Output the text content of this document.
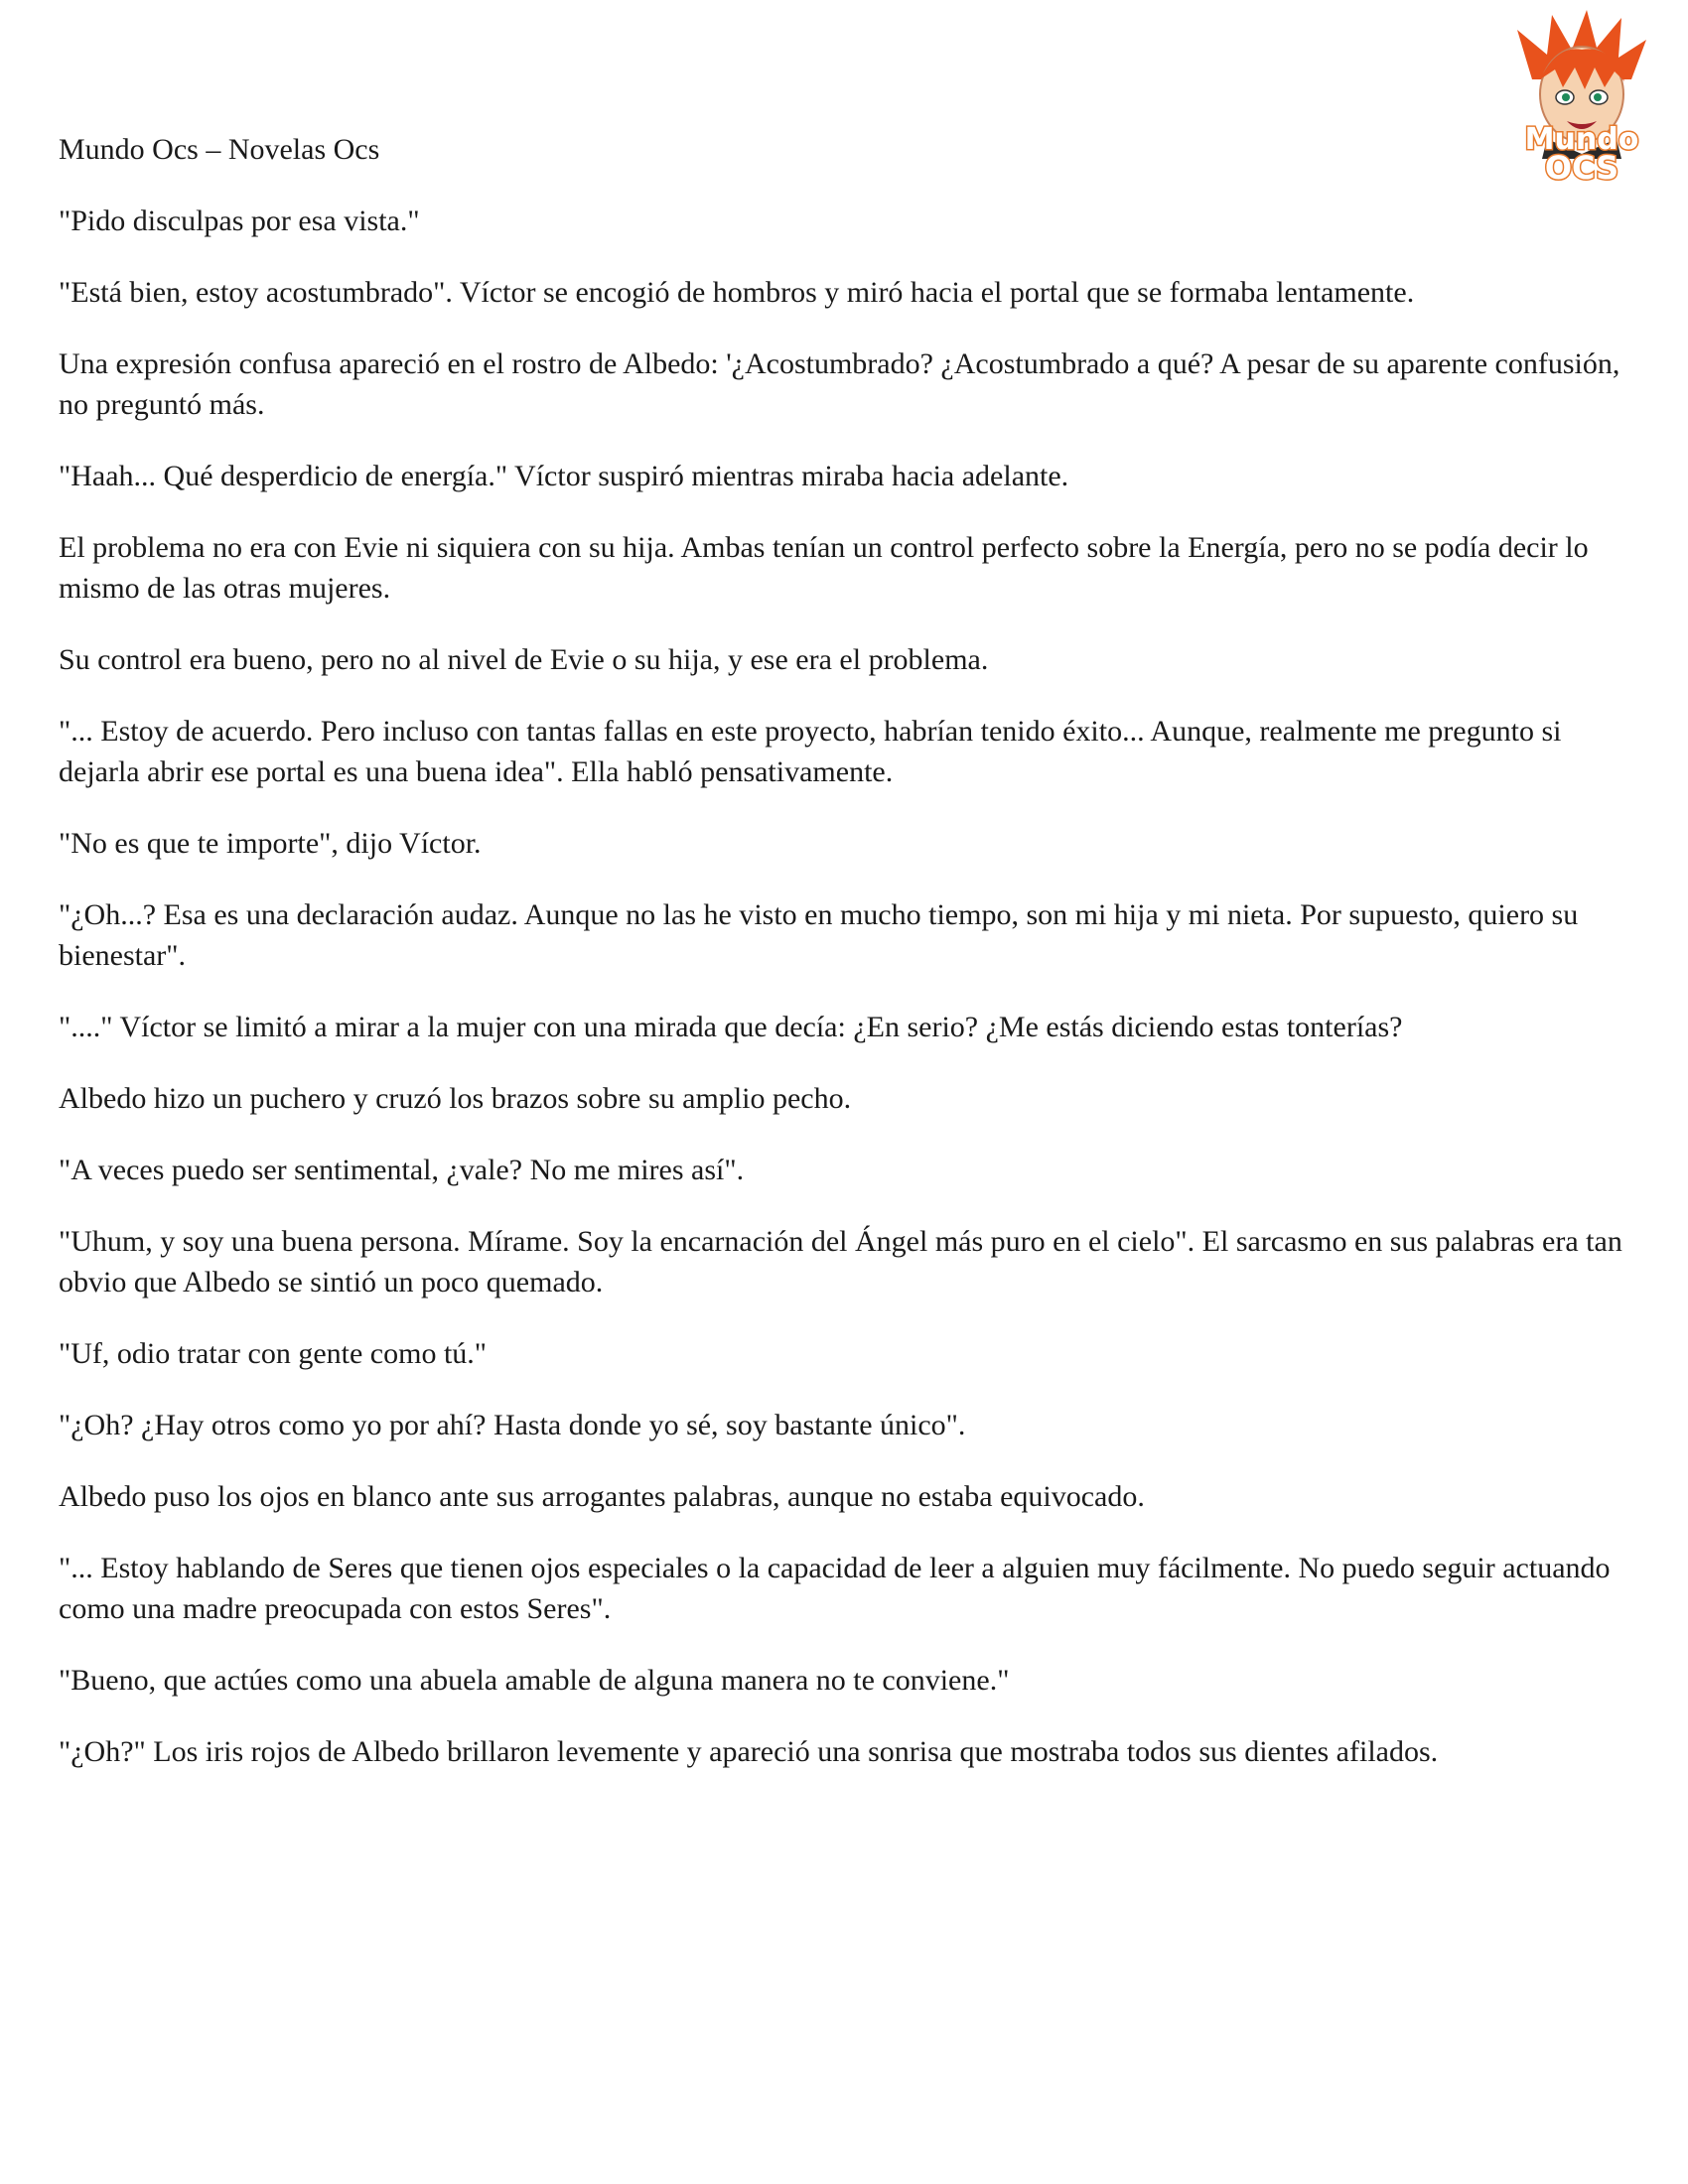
Mundo
OCS

Mundo Ocs – Novelas Ocs

"Pido disculpas por esa vista."

"Está bien, estoy acostumbrado". Víctor se encogió de hombros y miró hacia el portal que se formaba lentamente.

Una expresión confusa apareció en el rostro de Albedo: '¿Acostumbrado? ¿Acostumbrado a qué? A pesar de su aparente confusión, no preguntó más.

"Haah... Qué desperdicio de energía." Víctor suspiró mientras miraba hacia adelante.

El problema no era con Evie ni siquiera con su hija. Ambas tenían un control perfecto sobre la Energía, pero no se podía decir lo mismo de las otras mujeres.

Su control era bueno, pero no al nivel de Evie o su hija, y ese era el problema.

"... Estoy de acuerdo. Pero incluso con tantas fallas en este proyecto, habrían tenido éxito... Aunque, realmente me pregunto si dejarla abrir ese portal es una buena idea". Ella habló pensativamente.

"No es que te importe", dijo Víctor.

"¿Oh...? Esa es una declaración audaz. Aunque no las he visto en mucho tiempo, son mi hija y mi nieta. Por supuesto, quiero su bienestar".

"...." Víctor se limitó a mirar a la mujer con una mirada que decía: ¿En serio? ¿Me estás diciendo estas tonterías?

Albedo hizo un puchero y cruzó los brazos sobre su amplio pecho.

"A veces puedo ser sentimental, ¿vale? No me mires así".

"Uhum, y soy una buena persona. Mírame. Soy la encarnación del Ángel más puro en el cielo". El sarcasmo en sus palabras era tan obvio que Albedo se sintió un poco quemado.

"Uf, odio tratar con gente como tú."

"¿Oh? ¿Hay otros como yo por ahí? Hasta donde yo sé, soy bastante único".

Albedo puso los ojos en blanco ante sus arrogantes palabras, aunque no estaba equivocado.

"... Estoy hablando de Seres que tienen ojos especiales o la capacidad de leer a alguien muy fácilmente. No puedo seguir actuando como una madre preocupada con estos Seres".

"Bueno, que actúes como una abuela amable de alguna manera no te conviene."

"¿Oh?" Los iris rojos de Albedo brillaron levemente y apareció una sonrisa que mostraba todos sus dientes afilados.
